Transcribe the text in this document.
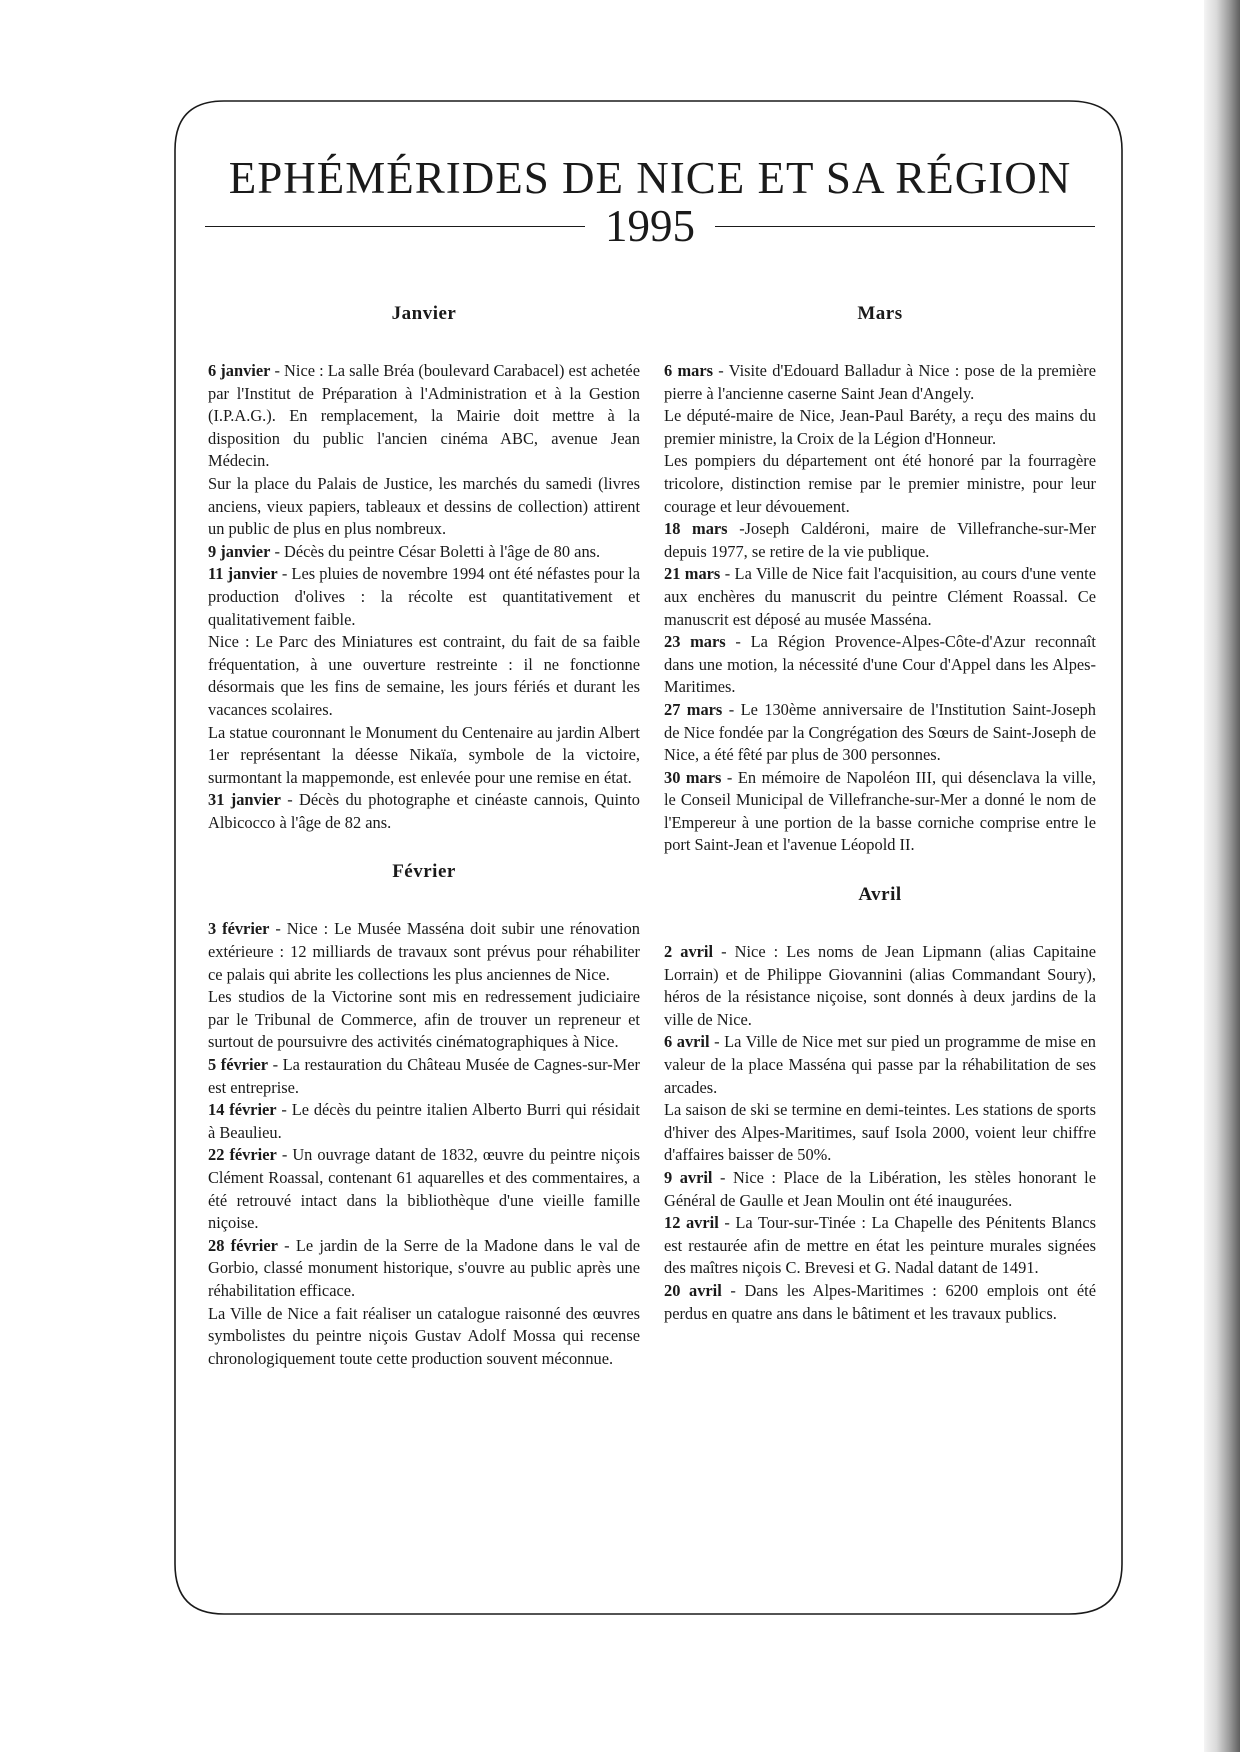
EPHÉMÉRIDES DE NICE ET SA RÉGION
1995
Janvier

6 janvier - Nice : La salle Bréa (boulevard Carabacel) est achetée par l'Institut de Préparation à l'Administration et à la Gestion (I.P.A.G.). En remplacement, la Mairie doit mettre à la disposition du public l'ancien cinéma ABC, avenue Jean Médecin.

Sur la place du Palais de Justice, les marchés du samedi (livres anciens, vieux papiers, tableaux et dessins de collection) attirent un public de plus en plus nombreux.

9 janvier - Décès du peintre César Boletti à l'âge de 80 ans.

11 janvier - Les pluies de novembre 1994 ont été néfastes pour la production d'olives : la récolte est quantitativement et qualitativement faible.

Nice : Le Parc des Miniatures est contraint, du fait de sa faible fréquentation, à une ouverture restreinte : il ne fonctionne désormais que les fins de semaine, les jours fériés et durant les vacances scolaires.

La statue couronnant le Monument du Centenaire au jardin Albert 1er représentant la déesse Nikaïa, symbole de la victoire, surmontant la mappemonde, est enlevée pour une remise en état.

31 janvier - Décès du photographe et cinéaste cannois, Quinto Albicocco à l'âge de 82 ans.

Février

3 février - Nice : Le Musée Masséna doit subir une rénovation extérieure : 12 milliards de travaux sont prévus pour réhabiliter ce palais qui abrite les collections les plus anciennes de Nice.

Les studios de la Victorine sont mis en redressement judiciaire par le Tribunal de Commerce, afin de trouver un repreneur et surtout de poursuivre des activités cinématographiques à Nice.

5 février - La restauration du Château Musée de Cagnes-sur-Mer est entreprise.

14 février - Le décès du peintre italien Alberto Burri qui résidait à Beaulieu.

22 février - Un ouvrage datant de 1832, œuvre du peintre niçois Clément Roassal, contenant 61 aquarelles et des commentaires, a été retrouvé intact dans la bibliothèque d'une vieille famille niçoise.

28 février - Le jardin de la Serre de la Madone dans le val de Gorbio, classé monument historique, s'ouvre au public après une réhabilitation efficace.

La Ville de Nice a fait réaliser un catalogue raisonné des œuvres symbolistes du peintre niçois Gustav Adolf Mossa qui recense chronologiquement toute cette production souvent méconnue.

Mars

6 mars - Visite d'Edouard Balladur à Nice : pose de la première pierre à l'ancienne caserne Saint Jean d'Angely.

Le député-maire de Nice, Jean-Paul Baréty, a reçu des mains du premier ministre, la Croix de la Légion d'Honneur.

Les pompiers du département ont été honoré par la fourragère tricolore, distinction remise par le premier ministre, pour leur courage et leur dévouement.

18 mars -Joseph Caldéroni, maire de Villefranche-sur-Mer depuis 1977, se retire de la vie publique.

21 mars - La Ville de Nice fait l'acquisition, au cours d'une vente aux enchères du manuscrit du peintre Clément Roassal. Ce manuscrit est déposé au musée Masséna.

23 mars - La Région Provence-Alpes-Côte-d'Azur reconnaît dans une motion, la nécessité d'une Cour d'Appel dans les Alpes-Maritimes.

27 mars - Le 130ème anniversaire de l'Institution Saint-Joseph de Nice fondée par la Congrégation des Sœurs de Saint-Joseph de Nice, a été fêté par plus de 300 personnes.

30 mars - En mémoire de Napoléon III, qui désenclava la ville, le Conseil Municipal de Villefranche-sur-Mer a donné le nom de l'Empereur à une portion de la basse corniche comprise entre le port Saint-Jean et l'avenue Léopold II.

Avril

2 avril - Nice : Les noms de Jean Lipmann (alias Capitaine Lorrain) et de Philippe Giovannini (alias Commandant Soury), héros de la résistance niçoise, sont donnés à deux jardins de la ville de Nice.

6 avril - La Ville de Nice met sur pied un programme de mise en valeur de la place Masséna qui passe par la réhabilitation de ses arcades.

La saison de ski se termine en demi-teintes. Les stations de sports d'hiver des Alpes-Maritimes, sauf Isola 2000, voient leur chiffre d'affaires baisser de 50%.

9 avril - Nice : Place de la Libération, les stèles honorant le Général de Gaulle et Jean Moulin ont été inaugurées.

12 avril - La Tour-sur-Tinée : La Chapelle des Pénitents Blancs est restaurée afin de mettre en état les peinture murales signées des maîtres niçois C. Brevesi et G. Nadal datant de 1491.

20 avril - Dans les Alpes-Maritimes : 6200 emplois ont été perdus en quatre ans dans le bâtiment et les travaux publics.
